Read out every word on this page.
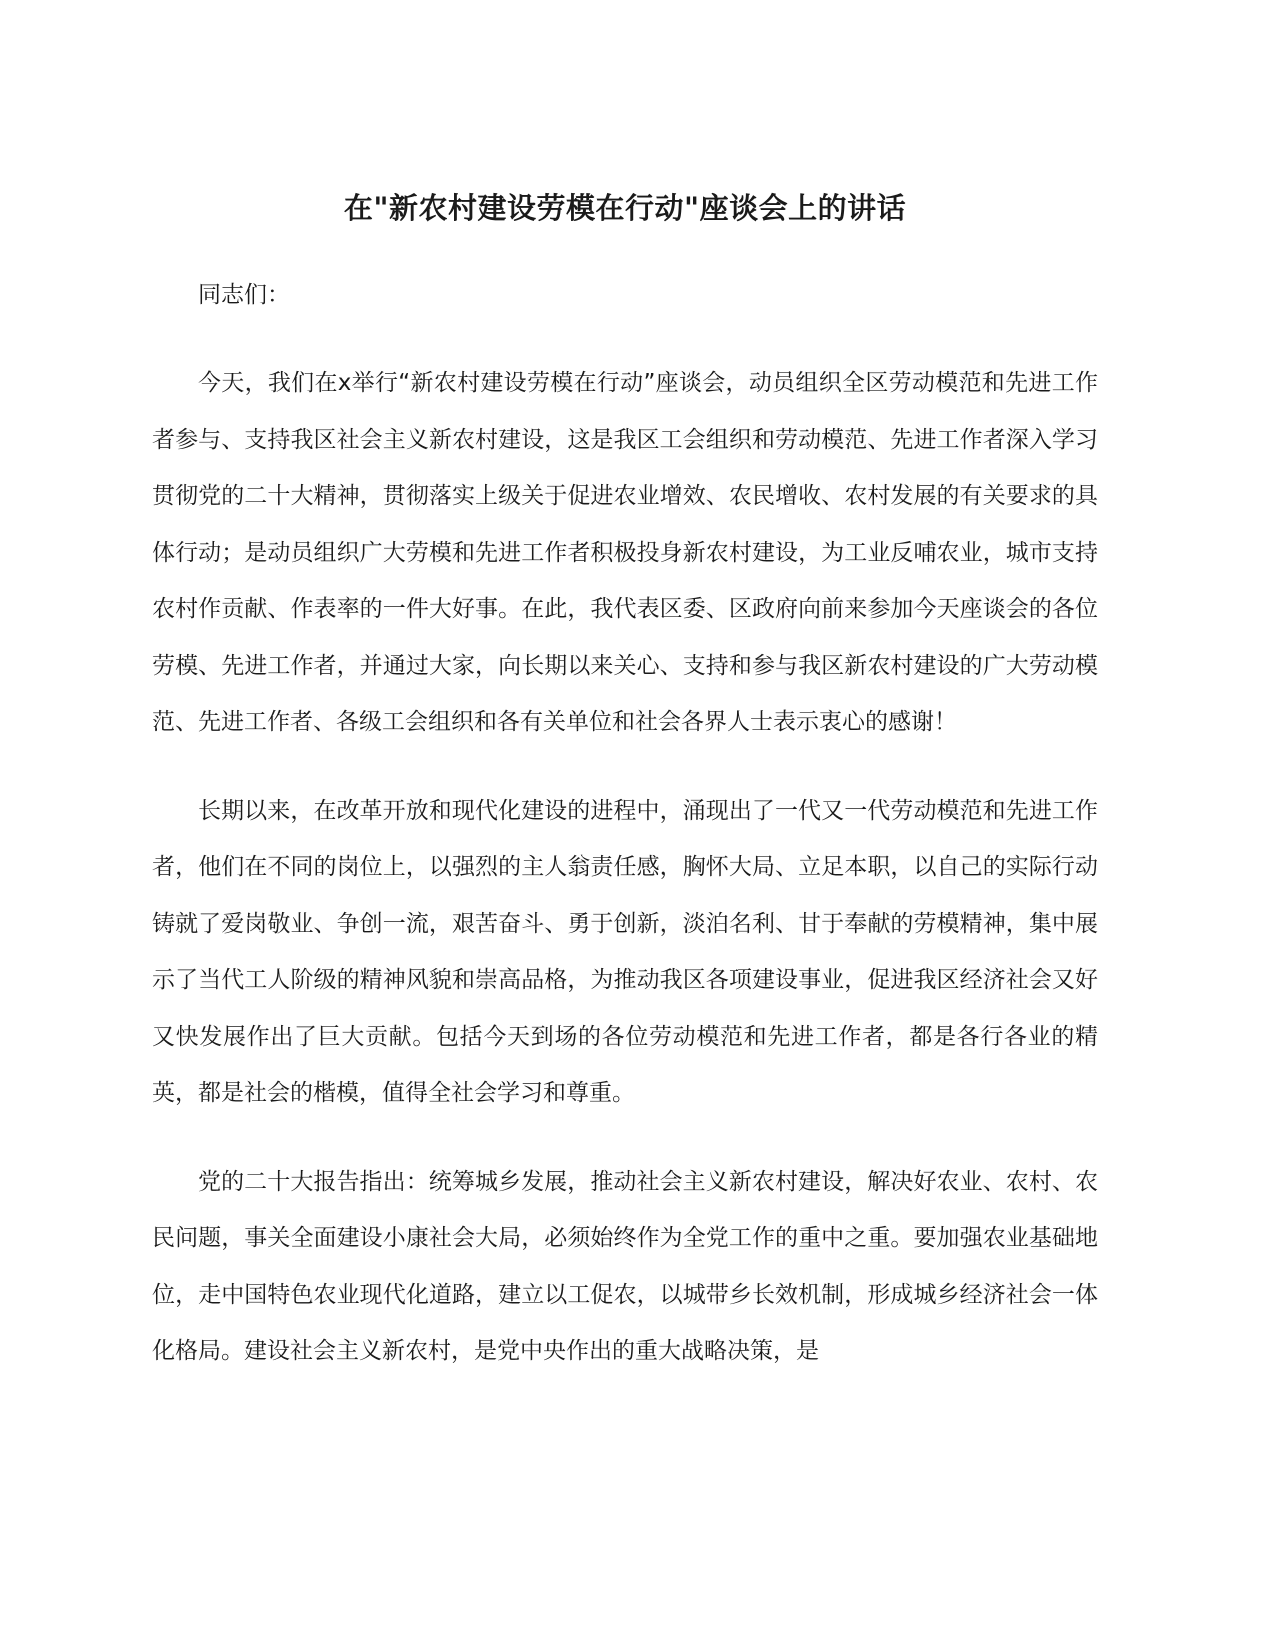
在"新农村建设劳模在行动"座谈会上的讲话

同志们：

今天，我们在x举行“新农村建设劳模在行动”座谈会，动员组织全区劳动模范和先进工作者参与、支持我区社会主义新农村建设，这是我区工会组织和劳动模范、先进工作者深入学习贯彻党的二十大精神，贯彻落实上级关于促进农业增效、农民增收、农村发展的有关要求的具体行动；是动员组织广大劳模和先进工作者积极投身新农村建设，为工业反哺农业，城市支持农村作贡献、作表率的一件大好事。在此，我代表区委、区政府向前来参加今天座谈会的各位劳模、先进工作者，并通过大家，向长期以来关心、支持和参与我区新农村建设的广大劳动模范、先进工作者、各级工会组织和各有关单位和社会各界人士表示衷心的感谢！

长期以来，在改革开放和现代化建设的进程中，涌现出了一代又一代劳动模范和先进工作者，他们在不同的岗位上，以强烈的主人翁责任感，胸怀大局、立足本职，以自己的实际行动铸就了爱岗敬业、争创一流，艰苦奋斗、勇于创新，淡泊名利、甘于奉献的劳模精神，集中展示了当代工人阶级的精神风貌和崇高品格，为推动我区各项建设事业，促进我区经济社会又好又快发展作出了巨大贡献。包括今天到场的各位劳动模范和先进工作者，都是各行各业的精英，都是社会的楷模，值得全社会学习和尊重。

党的二十大报告指出：统筹城乡发展，推动社会主义新农村建设，解决好农业、农村、农民问题，事关全面建设小康社会大局，必须始终作为全党工作的重中之重。要加强农业基础地位，走中国特色农业现代化道路，建立以工促农，以城带乡长效机制，形成城乡经济社会一体化格局。建设社会主义新农村，是党中央作出的重大战略决策，是
